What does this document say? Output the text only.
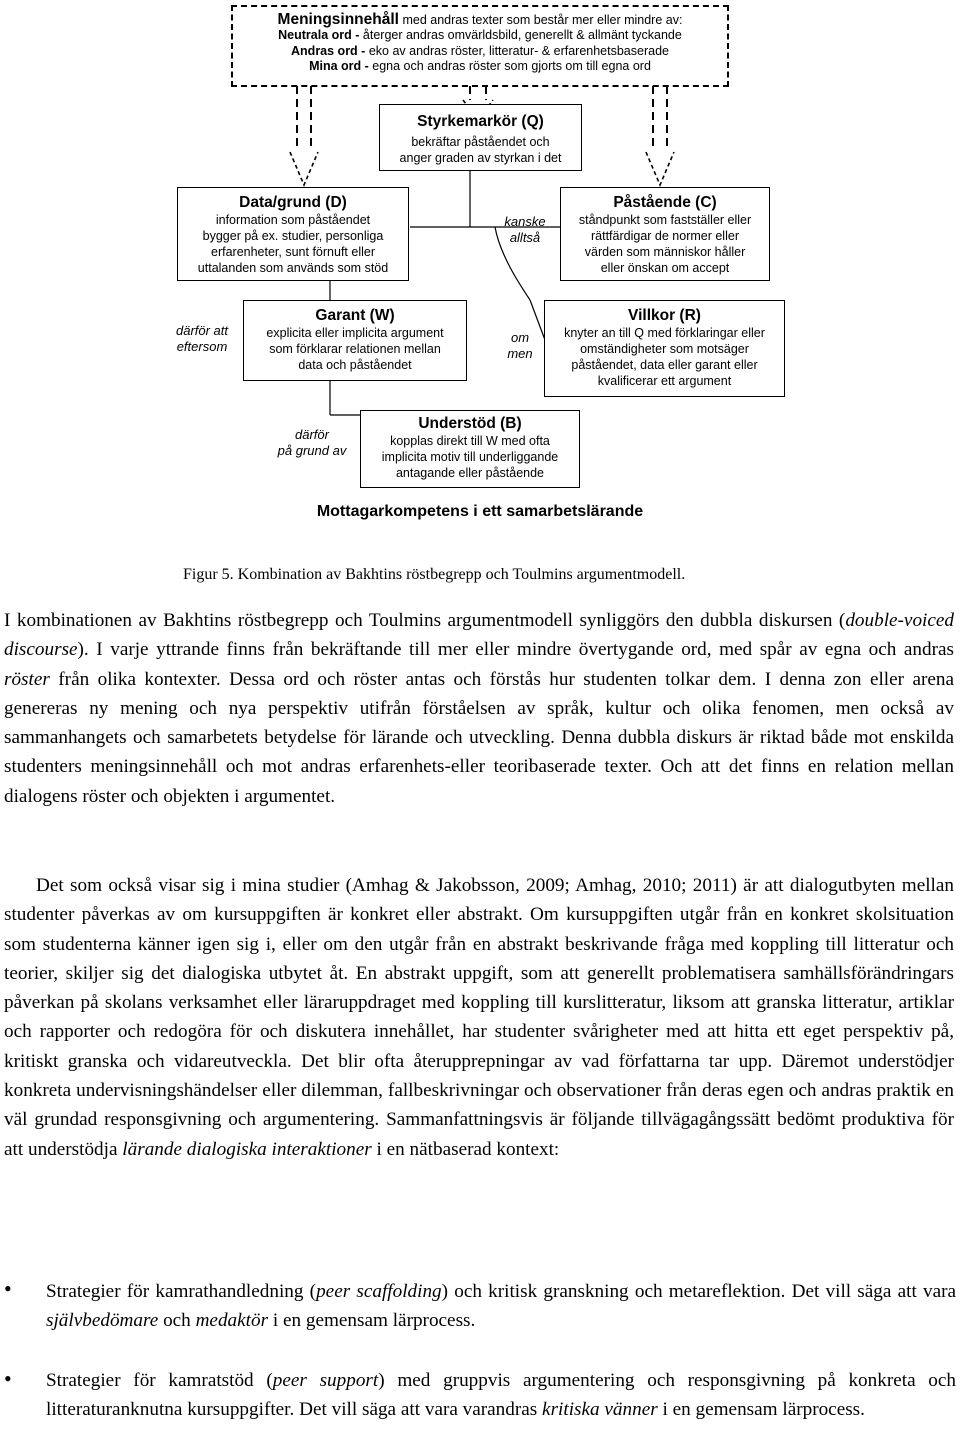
Meningsinnehåll med andras texter som består mer eller mindre av:
Neutrala ord - återger andras omvärldsbild, generellt & allmänt tyckande
Andras ord - eko av andras röster, litteratur- & erfarenhetsbaserade
Mina ord - egna och andras röster som gjorts om till egna ord
Styrkemarkör (Q)
bekräftar påståendet och
anger graden av styrkan i det
Data/grund (D)
information som påståendet
bygger på ex. studier, personliga
erfarenheter, sunt förnuft eller
uttalanden som används som stöd
Påstående (C)
ståndpunkt som fastställer eller
rättfärdigar de normer eller
värden som människor håller
eller önskan om accept
kanske
alltså
därför att
eftersom
Garant (W)
explicita eller implicita argument
som förklarar relationen mellan
data och påståendet
om
men
Villkor (R)
knyter an till Q med förklaringar eller
omständigheter som motsäger
påståendet, data eller garant eller
kvalificerar ett argument
därför
på grund av
Understöd (B)
kopplas direkt till W med ofta
implicita motiv till underliggande
antagande eller påstående
Mottagarkompetens i ett samarbetslärande
Figur 5. Kombination av Bakhtins röstbegrepp och Toulmins argumentmodell.

I kombinationen av Bakhtins röstbegrepp och Toulmins argumentmodell synliggörs den dubbla diskursen (double-voiced discourse). I varje yttrande finns från bekräftande till mer eller mindre övertygande ord, med spår av egna och andras röster från olika kontexter. Dessa ord och röster antas och förstås hur studenten tolkar dem. I denna zon eller arena genereras ny mening och nya perspektiv utifrån förståelsen av språk, kultur och olika fenomen, men också av sammanhangets och samarbetets betydelse för lärande och utveckling. Denna dubbla diskurs är riktad både mot enskilda studenters meningsinnehåll och mot andras erfarenhets-eller teoribaserade texter. Och att det finns en relation mellan dialogens röster och objekten i argumentet.

Det som också visar sig i mina studier (Amhag & Jakobsson, 2009; Amhag, 2010; 2011) är att dialogutbyten mellan studenter påverkas av om kursuppgiften är konkret eller abstrakt. Om kursuppgiften utgår från en konkret skolsituation som studenterna känner igen sig i, eller om den utgår från en abstrakt beskrivande fråga med koppling till litteratur och teorier, skiljer sig det dialogiska utbytet åt. En abstrakt uppgift, som att generellt problematisera samhällsförändringars påverkan på skolans verksamhet eller läraruppdraget med koppling till kurslitteratur, liksom att granska litteratur, artiklar och rapporter och redogöra för och diskutera innehållet, har studenter svårigheter med att hitta ett eget perspektiv på, kritiskt granska och vidareutveckla. Det blir ofta återupprepningar av vad författarna tar upp. Däremot understödjer konkreta undervisningshändelser eller dilemman, fallbeskrivningar och observationer från deras egen och andras praktik en väl grundad responsgivning och argumentering. Sammanfattningsvis är följande tillvägagångssätt bedömt produktiva för att understödja lärande dialogiska interaktioner i en nätbaserad kontext:

• Strategier för kamrathandledning (peer scaffolding) och kritisk granskning och metareflektion. Det vill säga att vara självbedömare och medaktör i en gemensam lärprocess.

• Strategier för kamratstöd (peer support) med gruppvis argumentering och responsgivning på konkreta och litteraturanknutna kursuppgifter. Det vill säga att vara varandras kritiska vänner i en gemensam lärprocess.
